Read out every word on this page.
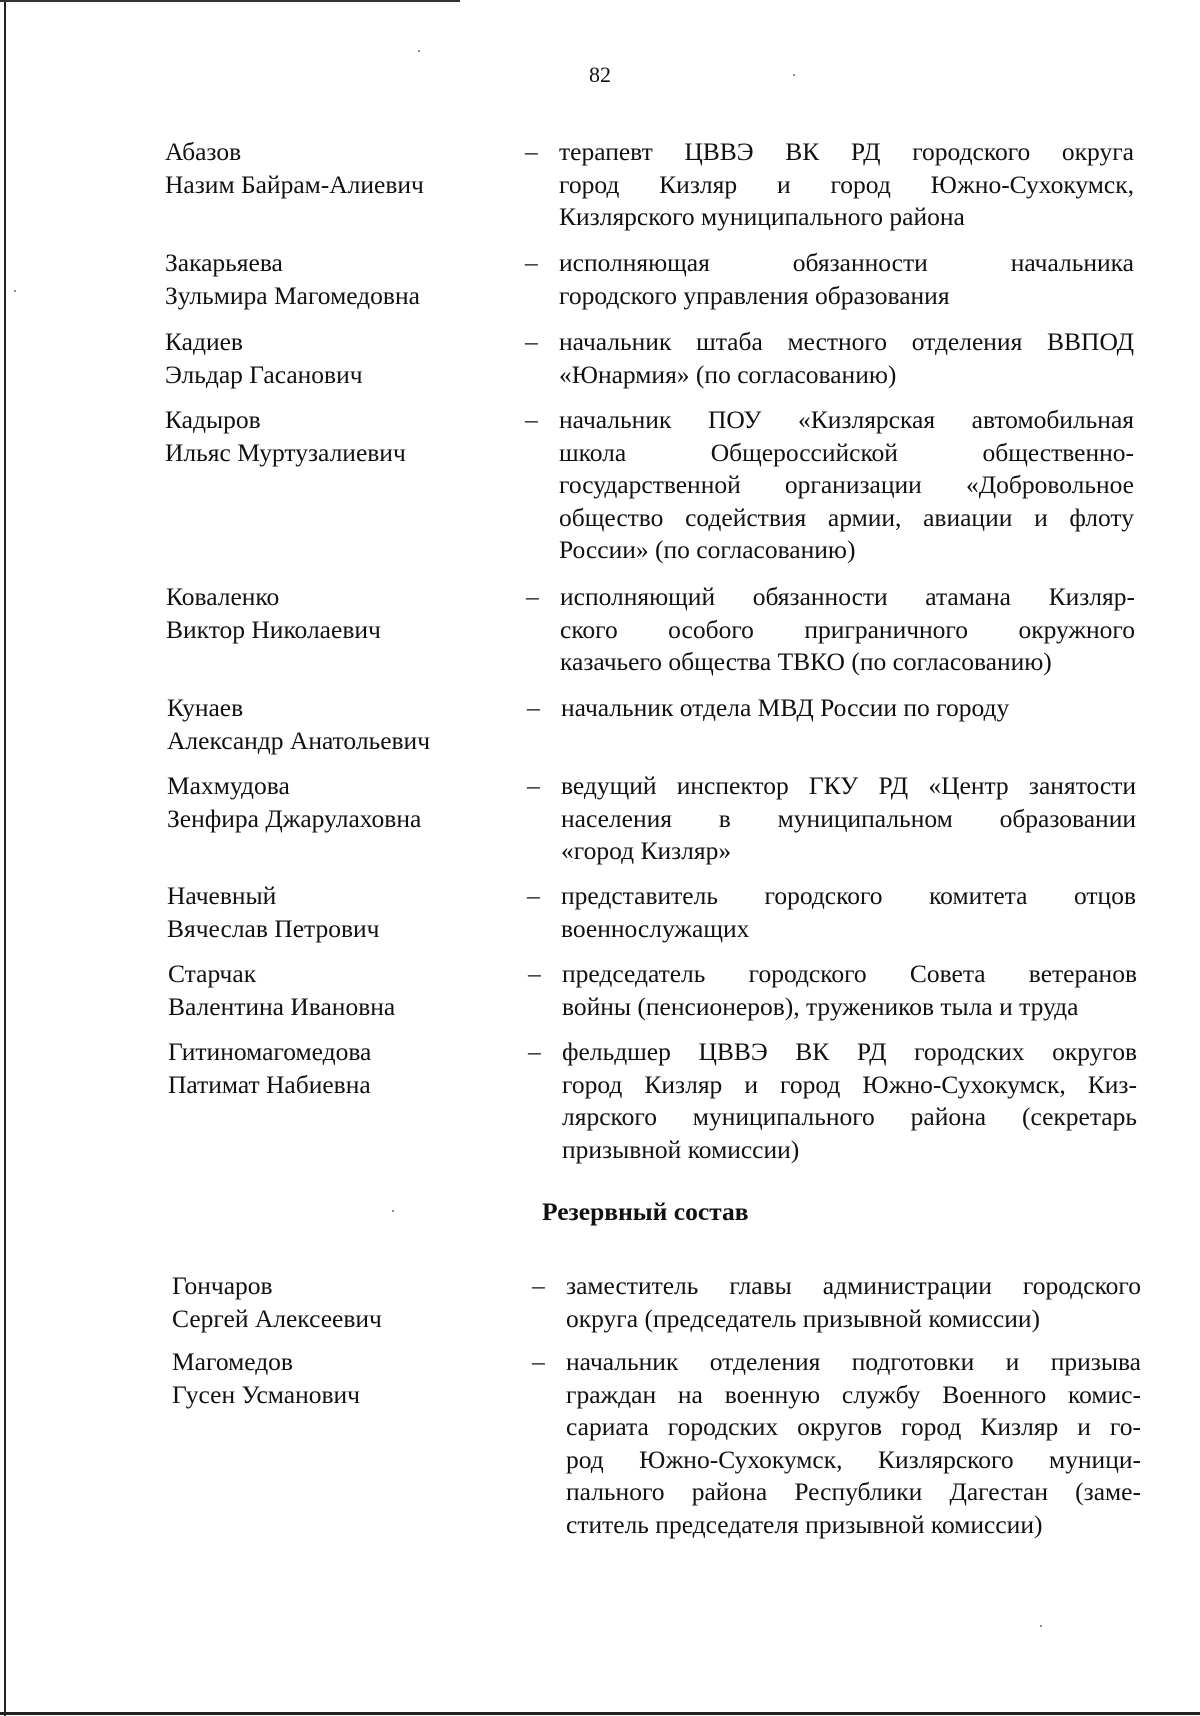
82
Абазов
Назим Байрам-Алиевич
– терапевт ЦВВЭ ВК РД городского округа
город Кизляр и город Южно-Сухокумск,
Кизлярского муниципального района
Закарьяева
Зульмира Магомедовна
– исполняющая обязанности начальника
городского управления образования
Кадиев
Эльдар Гасанович
– начальник штаба местного отделения ВВПОД
«Юнармия» (по согласованию)
Кадыров
Ильяс Муртузалиевич
– начальник ПОУ «Кизлярская автомобильная
школа Общероссийской общественно-
государственной организации «Добровольное
общество содействия армии, авиации и флоту
России» (по согласованию)
Коваленко
Виктор Николаевич
– исполняющий обязанности атамана Кизляр-
ского особого приграничного окружного
казачьего общества ТВКО (по согласованию)
Кунаев
Александр Анатольевич
– начальник отдела МВД России по городу
Махмудова
Зенфира Джарулаховна
– ведущий инспектор ГКУ РД «Центр занятости
населения в муниципальном образовании
«город Кизляр»
Начевный
Вячеслав Петрович
– представитель городского комитета отцов
военнослужащих
Старчак
Валентина Ивановна
– председатель городского Совета ветеранов
войны (пенсионеров), тружеников тыла и труда
Гитиномагомедова
Патимат Набиевна
– фельдшер ЦВВЭ ВК РД городских округов
город Кизляр и город Южно-Сухокумск, Киз-
лярского муниципального района (секретарь
призывной комиссии)
Резервный состав
Гончаров
Сергей Алексеевич
– заместитель главы администрации городского
округа (председатель призывной комиссии)
Магомедов
Гусен Усманович
– начальник отделения подготовки и призыва
граждан на военную службу Военного комис-
сариата городских округов город Кизляр и го-
род Южно-Сухокумск, Кизлярского муници-
пального района Республики Дагестан (заме-
ститель председателя призывной комиссии)
